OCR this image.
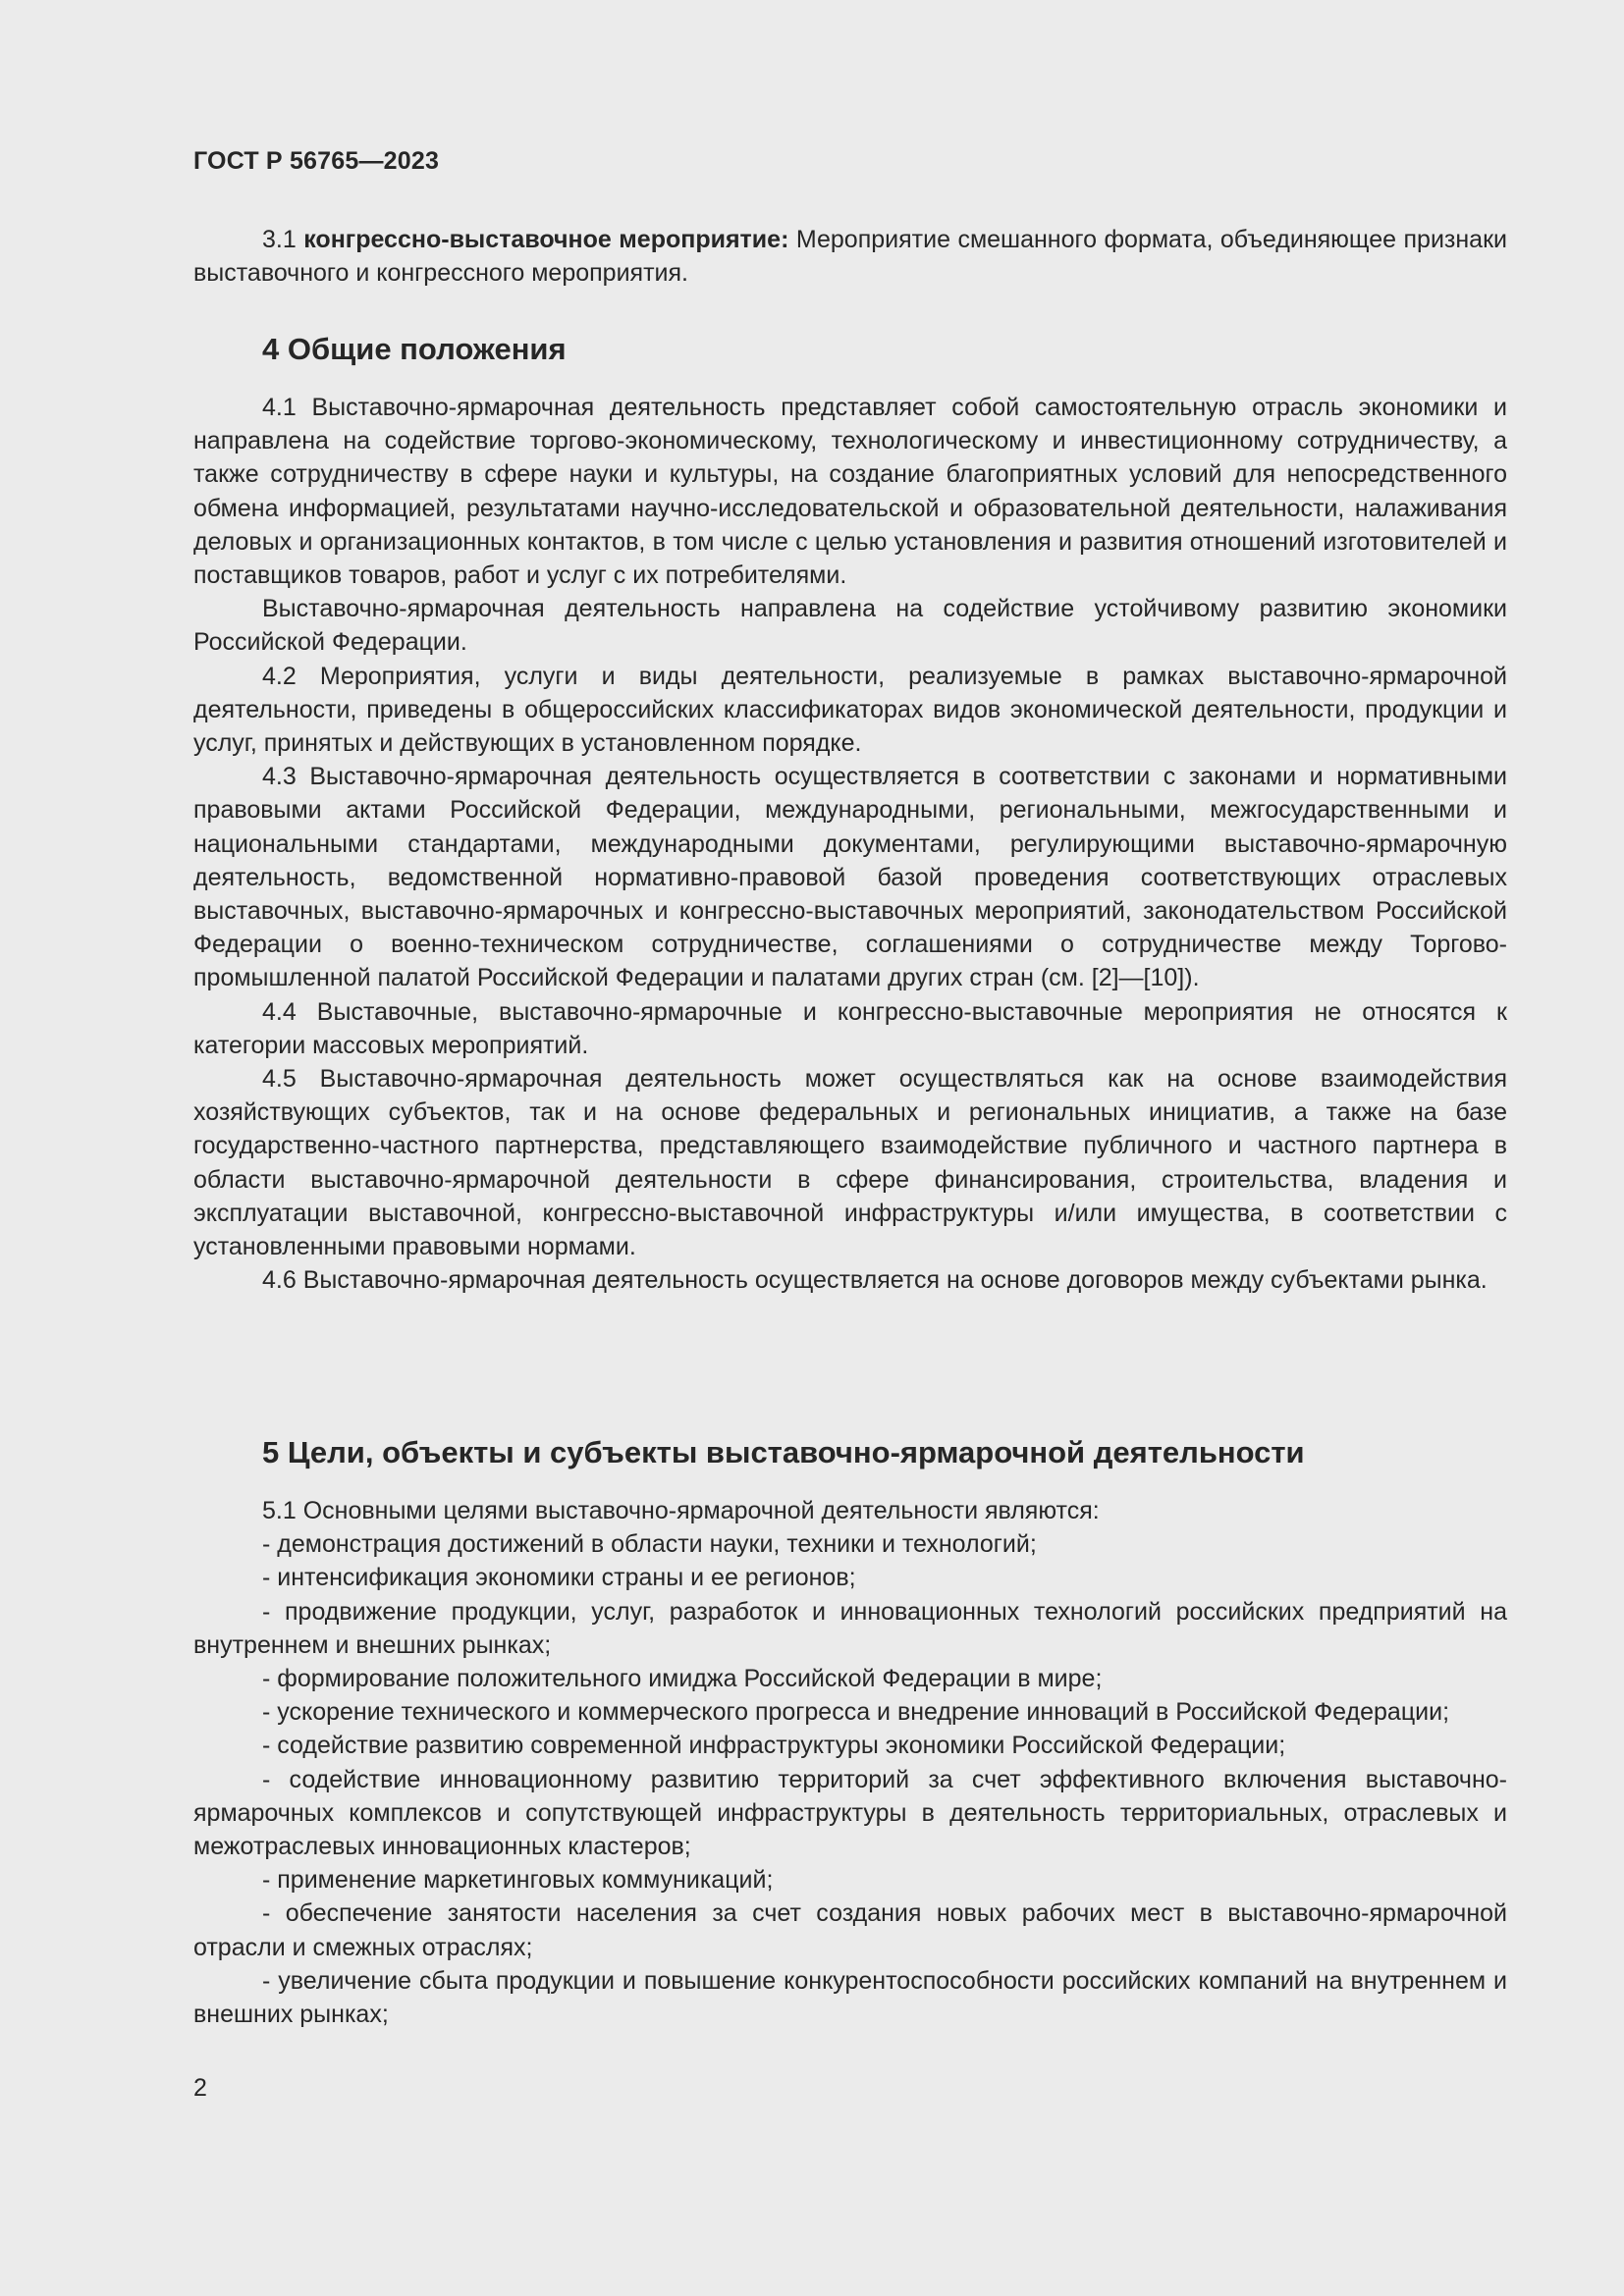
ГОСТ Р 56765—2023

3.1 конгрессно-выставочное мероприятие: Мероприятие смешанного формата, объединяющее признаки выставочного и конгрессного мероприятия.

4 Общие положения

4.1 Выставочно-ярмарочная деятельность представляет собой самостоятельную отрасль экономики и направлена на содействие торгово-экономическому, технологическому и инвестиционному сотрудничеству, а также сотрудничеству в сфере науки и культуры, на создание благоприятных условий для непосредственного обмена информацией, результатами научно-исследовательской и образовательной деятельности, налаживания деловых и организационных контактов, в том числе с целью установления и развития отношений изготовителей и поставщиков товаров, работ и услуг с их потребителями.

Выставочно-ярмарочная деятельность направлена на содействие устойчивому развитию экономики Российской Федерации.

4.2 Мероприятия, услуги и виды деятельности, реализуемые в рамках выставочно-ярмарочной деятельности, приведены в общероссийских классификаторах видов экономической деятельности, продукции и услуг, принятых и действующих в установленном порядке.

4.3 Выставочно-ярмарочная деятельность осуществляется в соответствии с законами и нормативными правовыми актами Российской Федерации, международными, региональными, межгосударственными и национальными стандартами, международными документами, регулирующими выставочно-ярмарочную деятельность, ведомственной нормативно-правовой базой проведения соответствующих отраслевых выставочных, выставочно-ярмарочных и конгрессно-выставочных мероприятий, законодательством Российской Федерации о военно-техническом сотрудничестве, соглашениями о сотрудничестве между Торгово-промышленной палатой Российской Федерации и палатами других стран (см. [2]—[10]).

4.4 Выставочные, выставочно-ярмарочные и конгрессно-выставочные мероприятия не относятся к категории массовых мероприятий.

4.5 Выставочно-ярмарочная деятельность может осуществляться как на основе взаимодействия хозяйствующих субъектов, так и на основе федеральных и региональных инициатив, а также на базе государственно-частного партнерства, представляющего взаимодействие публичного и частного партнера в области выставочно-ярмарочной деятельности в сфере финансирования, строительства, владения и эксплуатации выставочной, конгрессно-выставочной инфраструктуры и/или имущества, в соответствии с установленными правовыми нормами.

4.6 Выставочно-ярмарочная деятельность осуществляется на основе договоров между субъектами рынка.

5 Цели, объекты и субъекты выставочно-ярмарочной деятельности

5.1 Основными целями выставочно-ярмарочной деятельности являются:

- демонстрация достижений в области науки, техники и технологий;

- интенсификация экономики страны и ее регионов;

- продвижение продукции, услуг, разработок и инновационных технологий российских предприятий на внутреннем и внешних рынках;

- формирование положительного имиджа Российской Федерации в мире;

- ускорение технического и коммерческого прогресса и внедрение инноваций в Российской Федерации;

- содействие развитию современной инфраструктуры экономики Российской Федерации;

- содействие инновационному развитию территорий за счет эффективного включения выставочно-ярмарочных комплексов и сопутствующей инфраструктуры в деятельность территориальных, отраслевых и межотраслевых инновационных кластеров;

- применение маркетинговых коммуникаций;

- обеспечение занятости населения за счет создания новых рабочих мест в выставочно-ярмарочной отрасли и смежных отраслях;

- увеличение сбыта продукции и повышение конкурентоспособности российских компаний на внутреннем и внешних рынках;

2
